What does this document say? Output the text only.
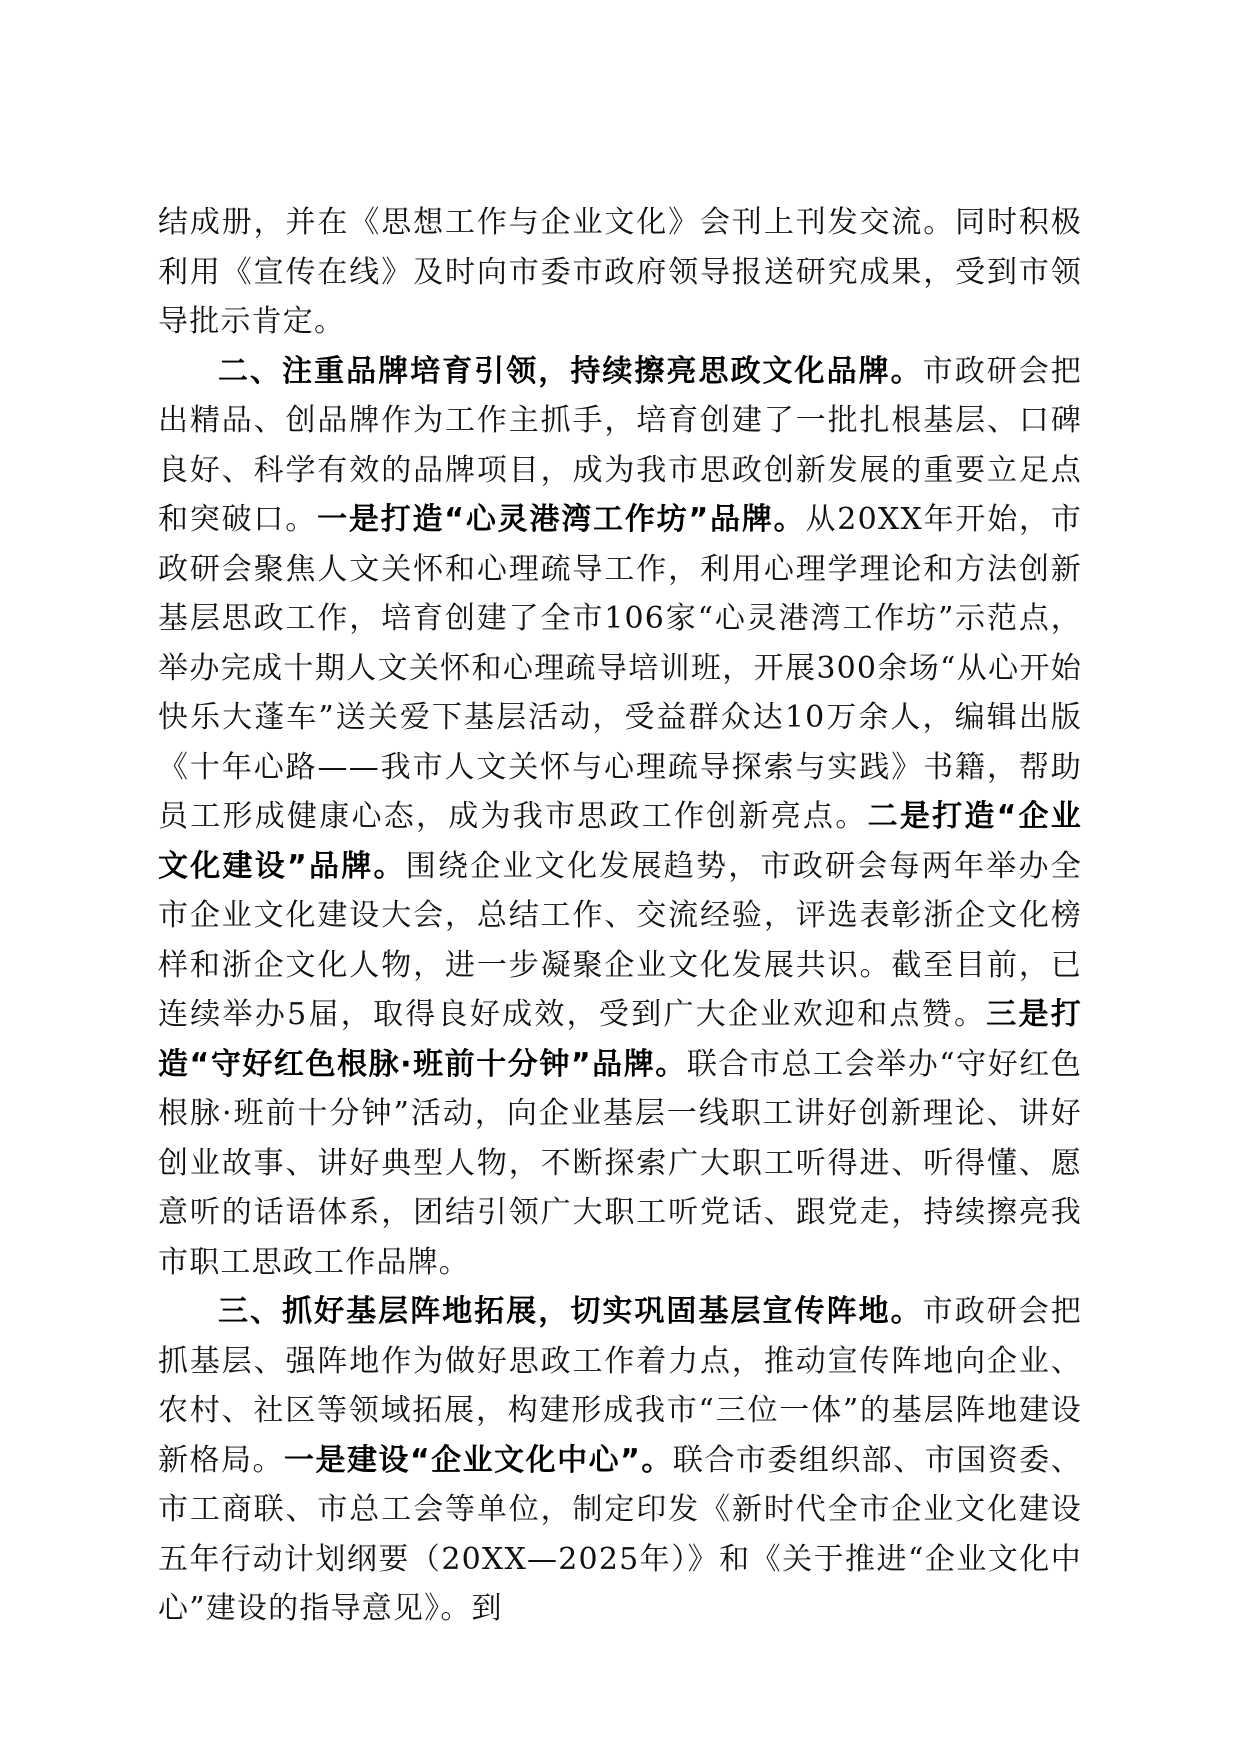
结成册，并在《思想工作与企业文化》会刊上刊发交流。同时积极利用《宣传在线》及时向市委市政府领导报送研究成果，受到市领导批示肯定。

二、注重品牌培育引领，持续擦亮思政文化品牌。市政研会把出精品、创品牌作为工作主抓手，培育创建了一批扎根基层、口碑良好、科学有效的品牌项目，成为我市思政创新发展的重要立足点和突破口。一是打造“心灵港湾工作坊”品牌。从20XX年开始，市政研会聚焦人文关怀和心理疏导工作，利用心理学理论和方法创新基层思政工作，培育创建了全市106家“心灵港湾工作坊”示范点，举办完成十期人文关怀和心理疏导培训班，开展300余场“从心开始 快乐大蓬车”送关爱下基层活动，受益群众达10万余人，编辑出版《十年心路——我市人文关怀与心理疏导探索与实践》书籍，帮助员工形成健康心态，成为我市思政工作创新亮点。二是打造“企业文化建设”品牌。围绕企业文化发展趋势，市政研会每两年举办全市企业文化建设大会，总结工作、交流经验，评选表彰浙企文化榜样和浙企文化人物，进一步凝聚企业文化发展共识。截至目前，已连续举办5届，取得良好成效，受到广大企业欢迎和点赞。三是打造“守好红色根脉·班前十分钟”品牌。联合市总工会举办“守好红色根脉·班前十分钟”活动，向企业基层一线职工讲好创新理论、讲好创业故事、讲好典型人物，不断探索广大职工听得进、听得懂、愿意听的话语体系，团结引领广大职工听党话、跟党走，持续擦亮我市职工思政工作品牌。

三、抓好基层阵地拓展，切实巩固基层宣传阵地。市政研会把抓基层、强阵地作为做好思政工作着力点，推动宣传阵地向企业、农村、社区等领域拓展，构建形成我市“三位一体”的基层阵地建设新格局。一是建设“企业文化中心”。联合市委组织部、市国资委、市工商联、市总工会等单位，制定印发《新时代全市企业文化建设五年行动计划纲要（20XX—2025年）》和《关于推进“企业文化中心”建设的指导意见》。到
